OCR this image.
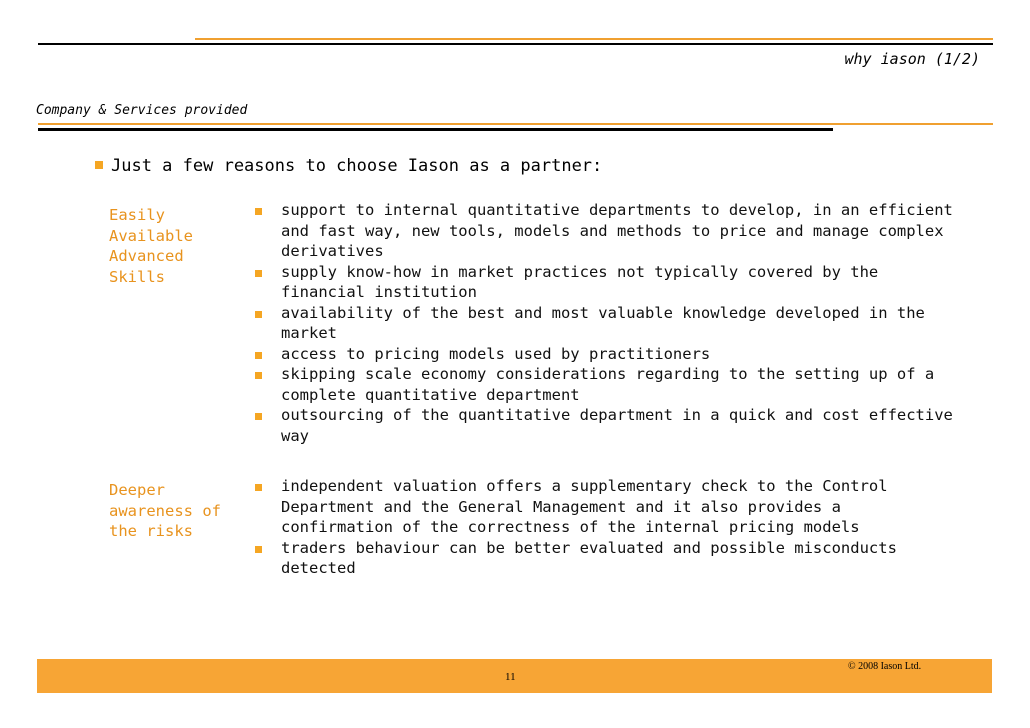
why iason (1/2)
Company & Services provided
Just a few reasons to choose Iason as a partner:
Easily
Available
Advanced
Skills
support to internal quantitative departments to develop, in an efficient and fast way, new tools, models and methods to price and manage complex derivatives
supply know-how in market practices not typically covered by the financial institution
availability of the best and most valuable knowledge developed in the market
access to pricing models used by practitioners
skipping scale economy considerations regarding to the setting up of a complete quantitative department
outsourcing of the quantitative department in a quick and cost effective way
Deeper
awareness of
the risks
independent valuation offers a supplementary check to the Control Department and the General Management and it also provides a confirmation of the correctness of the internal pricing models
traders behaviour can be better evaluated and possible misconducts detected
11
© 2008 Iason Ltd.
